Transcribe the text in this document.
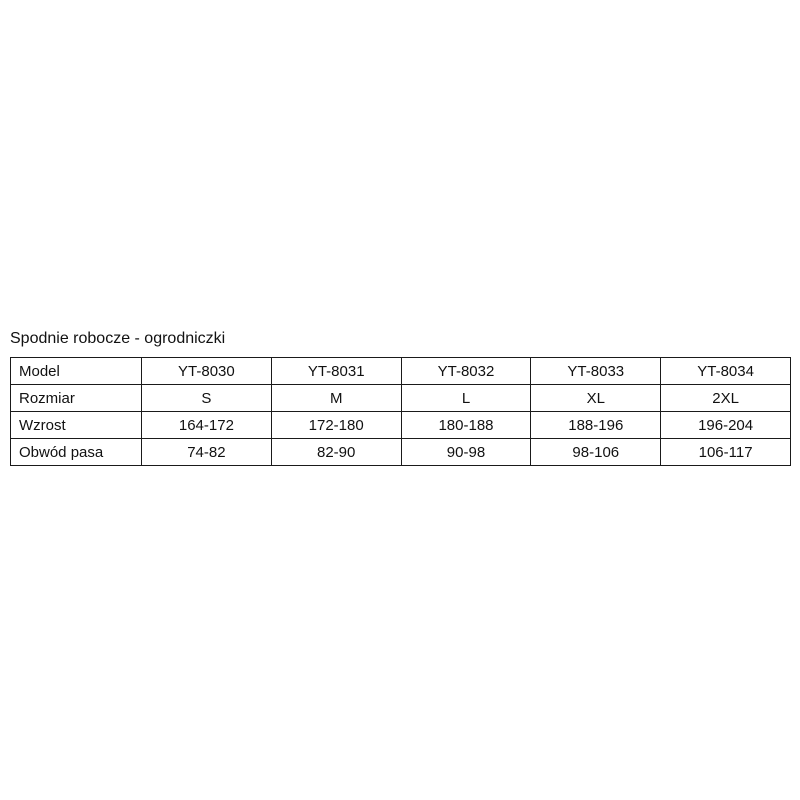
Spodnie robocze - ogrodniczki
Model	YT-8030	YT-8031	YT-8032	YT-8033	YT-8034
Rozmiar	S	M	L	XL	2XL
Wzrost	164-172	172-180	180-188	188-196	196-204
Obwód pasa	74-82	82-90	90-98	98-106	106-117
